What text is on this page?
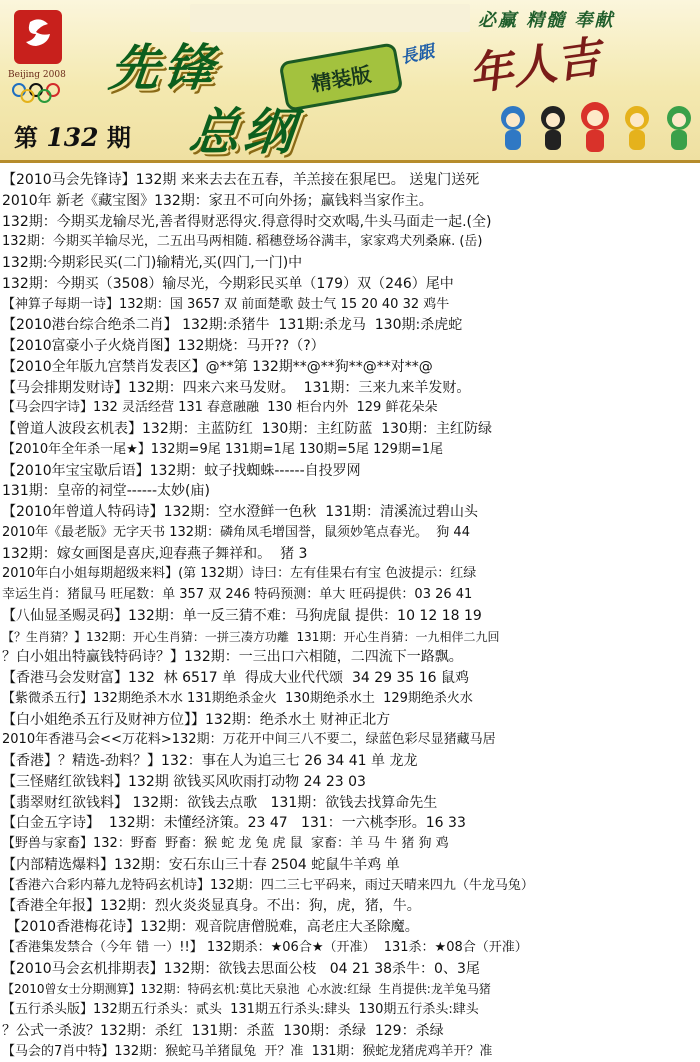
Beijing 2008
必赢 精髓 奉献
先锋	精装版
总纲
第 132 期
長跟 年人吉
【2010马会先锋诗】132期 来来去去在五春，羊羔接在狠尾巴。 送鬼门送死
2010年 新老《藏宝图》132期：家丑不可向外扬；赢钱料当家作主。
132期：今期买龙输尽光,善者得财恶得灾.得意得时交欢喝,牛头马面走一起.(全)
132期：今期买羊输尽光，二五出马两相随. 稻穗登场谷满丰，家家鸡犬列桑麻. (岳)
132期:今期彩民买(二门)输精光,买(四门,一门)中
132期：今期买（3508）输尽光，今期彩民买单（179）双（246）尾中
【神算子每期一诗】132期：国 3657 双 前面楚歌 鼓士气 15 20 40 32 鸡牛
【2010港台综合绝杀二肖】 132期:杀猪牛  131期:杀龙马  130期:杀虎蛇
【2010富豪小子火烧肖图】132期烧：马开??（?）
【2010全年版九宫禁肖发表区】@**第 132期**@**狗**@**对**@
【马会排期发财诗】132期：四来六来马发财。  131期：三来九来羊发财。
【马会四字诗】132 灵活经营 131 春意融融  130 柜台内外  129 鲜花朵朵
【曾道人波段玄机表】132期：主蓝防红  130期：主红防蓝  130期：主红防绿
【2010年全年杀一尾★】132期=9尾 131期=1尾 130期=5尾 129期=1尾
【2010年宝宝歇后语】132期：蚊子找蜘蛛------自投罗网
131期：皇帝的祠堂------太妙(庙)
【2010年曾道人特码诗】132期：空水澄鲜一色秋  131期：清溪流过碧山头
2010年《最老版》无字天书 132期：磷角凤毛增国誉，鼠须妙笔点春光。  狗 44
132期：嫁女画图是喜庆,迎春燕子舞祥和。  猪 3
2010年白小姐每期超级来料】(第 132期）诗曰：左有佳果右有宝 色波提示：红绿
幸运生肖：猪鼠马 旺尾数：单 357 双 246 特码预测：单大 旺码提供：03 26 41
【八仙显圣赐灵码】132期：单一反三猜不难：马狗虎鼠 提供：10 12 18 19
【？生肖猜？】132期：开心生肖猜：一拼三凑方功離  131期：开心生肖猜：一九相伴二九回
？白小姐出特赢钱特码诗？】132期：一三出口六相随，二四流下一路飘。
【香港马会发财富】132  林 6517 单  得成大业代代颂  34 29 35 16 鼠鸡
【紫微杀五行】132期绝杀木水 131期绝杀金火  130期绝杀水土  129期绝杀火水
【白小姐绝杀五行及财神方位】】132期：绝杀水土 财神正北方
2010年香港马会<<万花料>132期：万花开中间三八不要二，绿蓝色彩尽显猪藏马居
【香港】？精选-劲料？】132：事在人为追三七 26 34 41 单 龙龙
【三怪赌红欲钱料】132期 欲钱买风吹雨打动物 24 23 03
【翡翠财红欲钱料】 132期：欲钱去点歌   131期：欲钱去找算命先生
【白金五字诗】  132期：未懂经济策。23 47   131：一六桃李形。16 33
【野兽与家畜】132：野畜  野畜：猴 蛇 龙 兔 虎 鼠  家畜：羊 马 牛 猪 狗 鸡
【内部精选爆料】132期：安石东山三十春 2504 蛇鼠牛羊鸡 单
【香港六合彩内幕九龙特码玄机诗】132期：四二三七平码来，雨过天晴来四九（牛龙马兔）
【香港全年报】132期：烈火炎炎显真身。不出：狗，虎，猪，牛。
【2010香港梅花诗】132期：观音院唐僧脱难，高老庄大圣除魔。
【香港集发禁合（今年 错 一）!!】 132期杀：★06合★（开准）  131杀：★08合（开准）
【2010马会玄机排期表】132期：欲钱去思面公枝   04 21 38杀牛：0、3尾
【2010曾女士分期测算】132期：特码玄机:莫比天泉池  心水波:红绿  生肖提供:龙羊兔马猪
【五行杀头版】132期五行杀头：贰头  131期五行杀头:肆头  130期五行杀头:肆头
？公式一杀波？132期：杀红  131期：杀蓝  130期：杀绿  129：杀绿
【马会的7肖中特】132期：猴蛇马羊猪鼠兔  开？准  131期：猴蛇龙猪虎鸡羊开？准
